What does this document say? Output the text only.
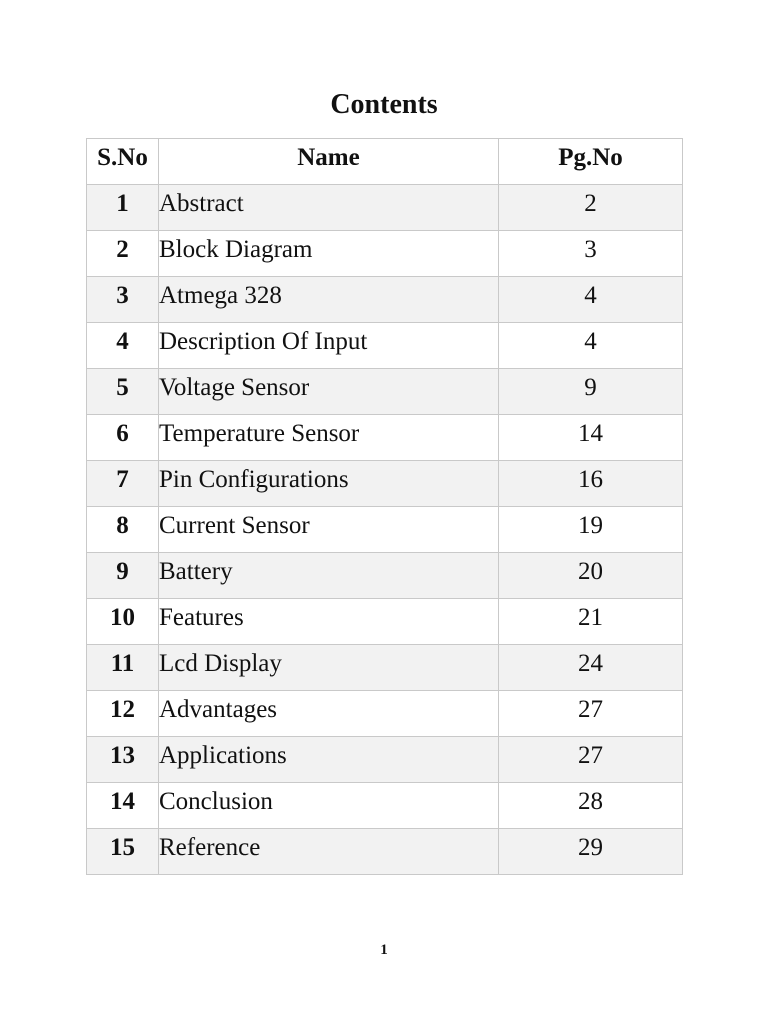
Contents
S.No	Name	Pg.No
1	Abstract	2
2	Block Diagram	3
3	Atmega 328	4
4	Description Of Input	4
5	Voltage Sensor	9
6	Temperature Sensor	14
7	Pin Configurations	16
8	Current Sensor	19
9	Battery	20
10	Features	21
11	Lcd Display	24
12	Advantages	27
13	Applications	27
14	Conclusion	28
15	Reference	29
1
